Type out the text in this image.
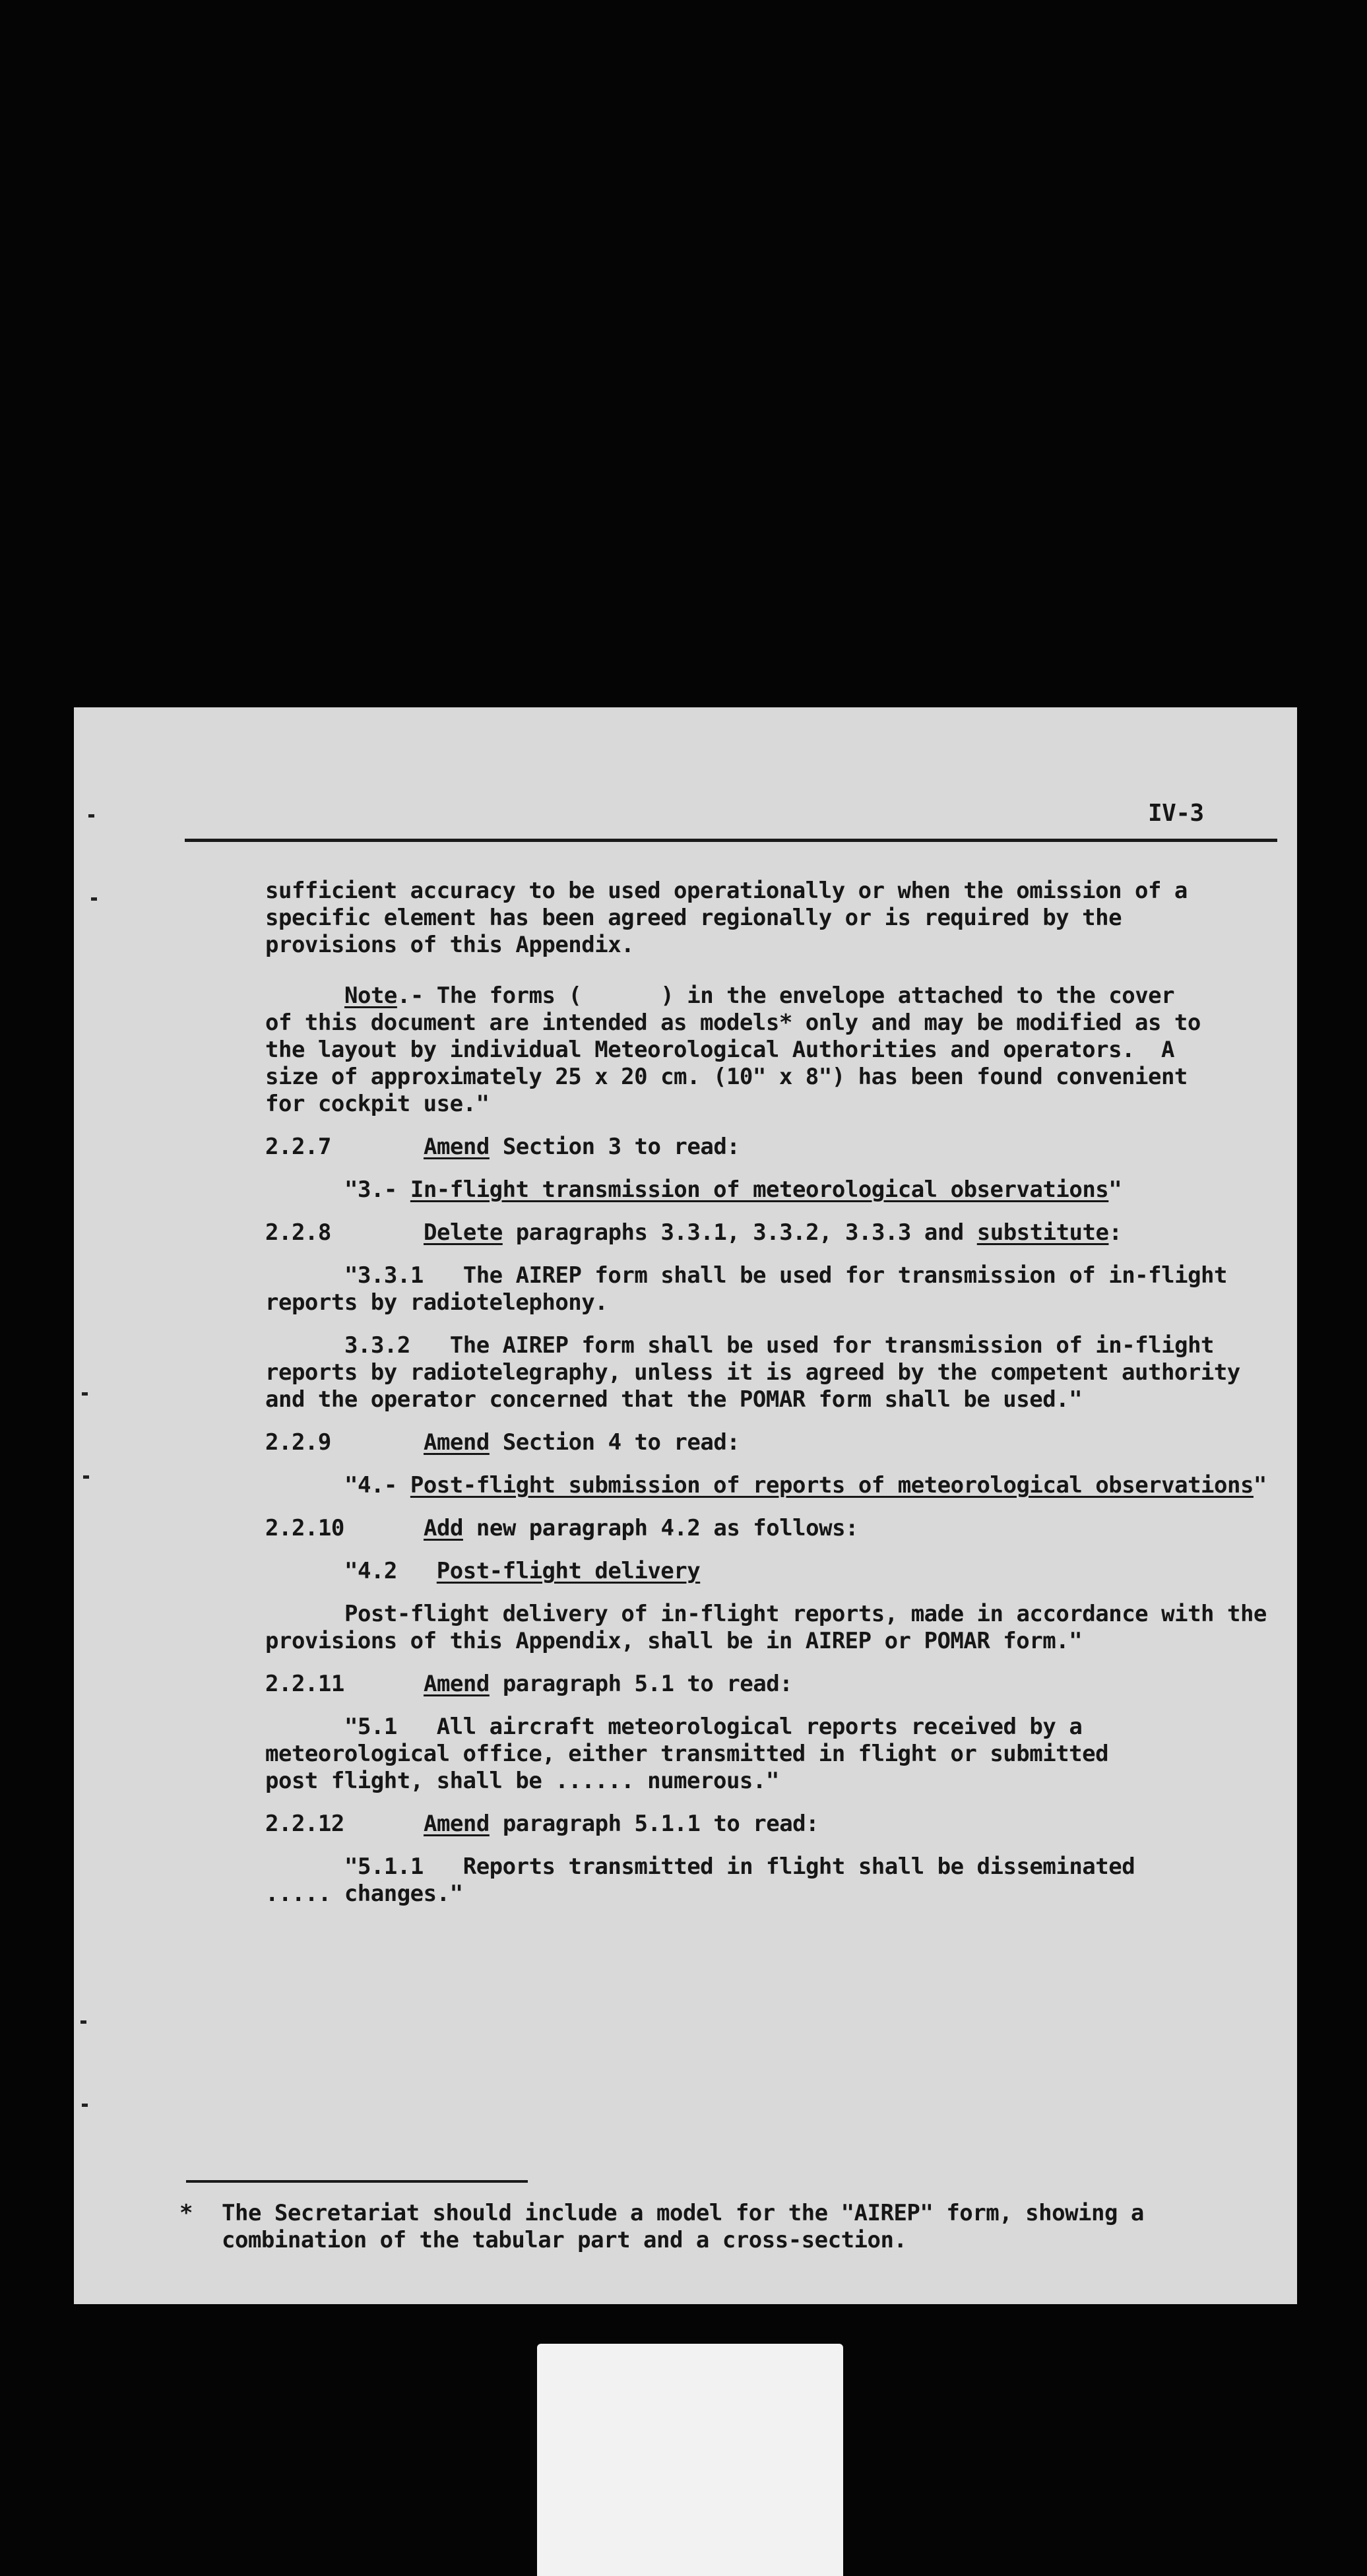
IV-3

sufficient accuracy to be used operationally or when the omission of a

specific element has been agreed regionally or is required by the

provisions of this Appendix.

Note.- The forms (      ) in the envelope attached to the cover

of this document are intended as models* only and may be modified as to

the layout by individual Meteorological Authorities and operators.  A

size of approximately 25 x 20 cm. (10" x 8") has been found convenient

for cockpit use."

2.2.7	Amend Section 3 to read:

"3.- In-flight transmission of meteorological observations"

2.2.8	Delete paragraphs 3.3.1, 3.3.2, 3.3.3 and substitute:

"3.3.1   The AIREP form shall be used for transmission of in-flight

reports by radiotelephony.

3.3.2   The AIREP form shall be used for transmission of in-flight

reports by radiotelegraphy, unless it is agreed by the competent authority

and the operator concerned that the POMAR form shall be used."

2.2.9	Amend Section 4 to read:

"4.- Post-flight submission of reports of meteorological observations"

2.2.10	Add new paragraph 4.2 as follows:

"4.2   Post-flight delivery

Post-flight delivery of in-flight reports, made in accordance with the

provisions of this Appendix, shall be in AIREP or POMAR form."

2.2.11	Amend paragraph 5.1 to read:

"5.1   All aircraft meteorological reports received by a

meteorological office, either transmitted in flight or submitted

post flight, shall be ...... numerous."

2.2.12	Amend paragraph 5.1.1 to read:

"5.1.1   Reports transmitted in flight shall be disseminated

..... changes."

* The Secretariat should include a model for the "AIREP" form, showing a

combination of the tabular part and a cross-section.
